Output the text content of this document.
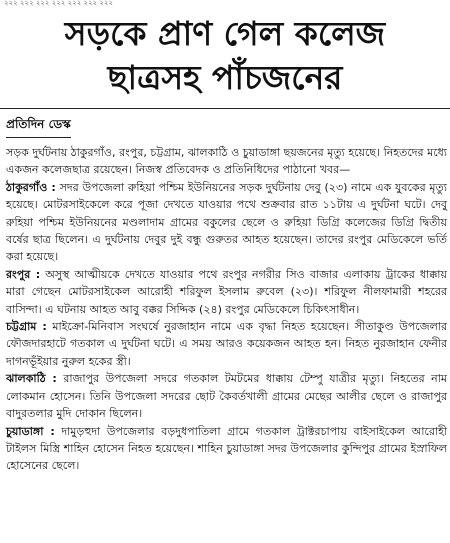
২২২ ২২২ ২২২ ২২২ ২২২ ২২২ ২২২
সড়কে প্রাণ গেল কলেজ
ছাত্রসহ পাঁচজনের
প্রতিদিন ডেস্ক

সড়ক দুর্ঘটনায় ঠাকুরগাঁও, রংপুর, চট্টগ্রাম, ঝালকাঠি ও চুয়াডাঙ্গা ছয়জনের মৃত্যু হয়েছে। নিহতদের মধ্যে একজন কলেজছাত্র রয়েছেন। নিজস্ব প্রতিবেদক ও প্রতিনিধিদের পাঠানো খবর—

ঠাকুরগাঁও : সদর উপজেলা রুহিয়া পশ্চিম ইউনিয়নের সড়ক দুর্ঘটনায় দেবু (২৩) নামে এক যুবকের মৃত্যু হয়েছে। মোটরসাইকেলে করে পূজা দেখতে যাওয়ার পথে শুক্রবার রাত ১১টায় এ দুর্ঘটনা ঘটে। দেবু রুহিয়া পশ্চিম ইউনিয়নের মণ্ডলাদাম গ্রামের বকুলের ছেলে ও রুহিয়া ডিগ্রি কলেজের ডিগ্রি দ্বিতীয় বর্ষের ছাত্র ছিলেন। এ দুর্ঘটনায় দেবুর দুই বন্ধু গুরুতর আহত হয়েছেন। তাদের রংপুর মেডিকেলে ভর্তি করা হয়েছে।

রংপুর : অসুস্থ আত্মীয়কে দেখতে যাওয়ার পথে রংপুর নগরীর সিও বাজার এলাকায় ট্রাকের ধাক্কায় মারা গেছেন মোটরসাইকেল আরোহী শরিফুল ইসলাম রুবেল (২৩)। শরিফুল নীলফামারী শহরের বাসিন্দা। এ ঘটনায় আহত আবু বক্কর সিদ্দিক (২৪) রংপুর মেডিকেলে চিকিৎসাধীন।

চট্টগ্রাম : মাইক্রো-মিনিবাস সংঘর্ষে নুরজাহান নামে এক বৃদ্ধা নিহত হয়েছেন। সীতাকুণ্ড উপজেলার ফৌজদারহাটে গতকাল এ দুর্ঘটনা ঘটে। এ সময় আরও কয়েকজন আহত হন। নিহত নুরজাহান ফেনীর দাগনভূঁইয়ার নুরুল হকের স্ত্রী।

ঝালকাঠি : রাজাপুর উপজেলা সদরে গতকাল টমটমের ধাক্কায় টেম্পু যাত্রীর মৃত্যু। নিহতের নাম লোকমান হোসেন। তিনি উপজেলা সদরের ছোট কৈবর্তখালী গ্রামের মেছের আলীর ছেলে ও রাজাপুর বাদুরতলার মুদি দোকান ছিলেন।

চুয়াডাঙ্গা : দামুড়হুদা উপজেলার বড়দুধপাতিলা গ্রামে গতকাল ট্রাক্টরচাপায় বাইসাইকেল আরোহী টাইলস মিস্ত্রি শাহিন হোসেন নিহত হয়েছেন। শাহিন চুয়াডাঙ্গা সদর উপজেলার কুন্দিপুর গ্রামের ইস্রাফিল হোসেনের ছেলে।
